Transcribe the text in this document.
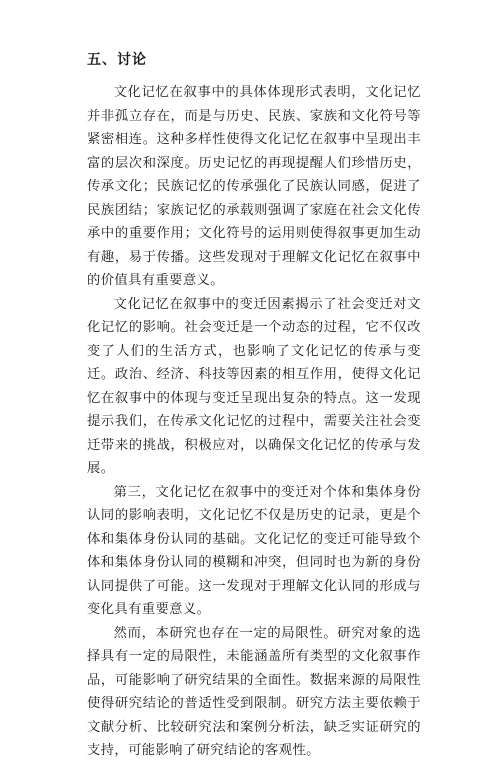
五、讨论

文化记忆在叙事中的具体体现形式表明，文化记忆并非孤立存在，而是与历史、民族、家族和文化符号等紧密相连。这种多样性使得文化记忆在叙事中呈现出丰富的层次和深度。历史记忆的再现提醒人们珍惜历史，传承文化；民族记忆的传承强化了民族认同感，促进了民族团结；家族记忆的承载则强调了家庭在社会文化传承中的重要作用；文化符号的运用则使得叙事更加生动有趣，易于传播。这些发现对于理解文化记忆在叙事中的价值具有重要意义。

文化记忆在叙事中的变迁因素揭示了社会变迁对文化记忆的影响。社会变迁是一个动态的过程，它不仅改变了人们的生活方式，也影响了文化记忆的传承与变迁。政治、经济、科技等因素的相互作用，使得文化记忆在叙事中的体现与变迁呈现出复杂的特点。这一发现提示我们，在传承文化记忆的过程中，需要关注社会变迁带来的挑战，积极应对，以确保文化记忆的传承与发展。

第三，文化记忆在叙事中的变迁对个体和集体身份认同的影响表明，文化记忆不仅是历史的记录，更是个体和集体身份认同的基础。文化记忆的变迁可能导致个体和集体身份认同的模糊和冲突，但同时也为新的身份认同提供了可能。这一发现对于理解文化认同的形成与变化具有重要意义。

然而，本研究也存在一定的局限性。研究对象的选择具有一定的局限性，未能涵盖所有类型的文化叙事作品，可能影响了研究结果的全面性。数据来源的局限性使得研究结论的普适性受到限制。研究方法主要依赖于文献分析、比较研究法和案例分析法，缺乏实证研究的支持，可能影响了研究结论的客观性。
